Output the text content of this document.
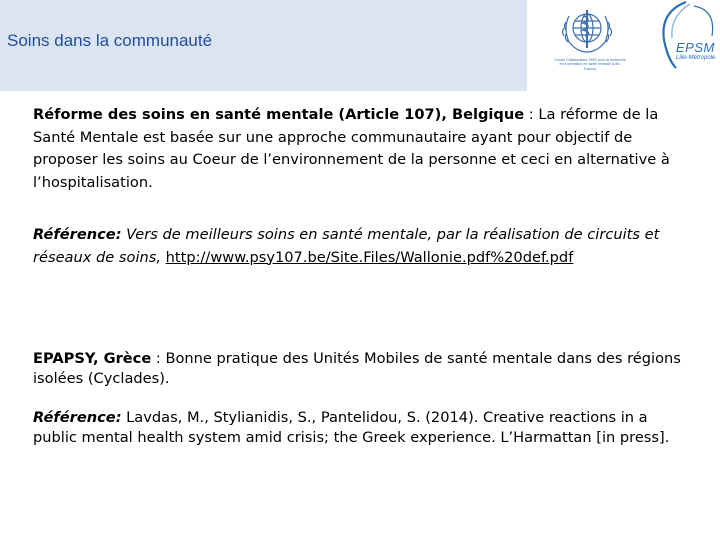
Soins dans la communauté
Centre Collaborateur OMS pour la recherche et la formation en santé mentale (Lille, France)
EPSM
Lille-Métropole
Réforme des soins en santé mentale (Article 107), Belgique : La réforme de la Santé Mentale est basée sur une approche communautaire ayant pour objectif de proposer les soins au Coeur de l’environnement de la personne et ceci en alternative à l’hospitalisation.
Référence: Vers de meilleurs soins en santé mentale, par la réalisation de circuits et réseaux de soins, http://www.psy107.be/Site.Files/Wallonie.pdf%20def.pdf
EPAPSY, Grèce : Bonne pratique des Unités Mobiles de santé mentale dans des régions isolées (Cyclades).
Référence: Lavdas, M., Stylianidis, S., Pantelidou, S. (2014). Creative reactions in a public mental health system amid crisis; the Greek experience. L’Harmattan [in press].
